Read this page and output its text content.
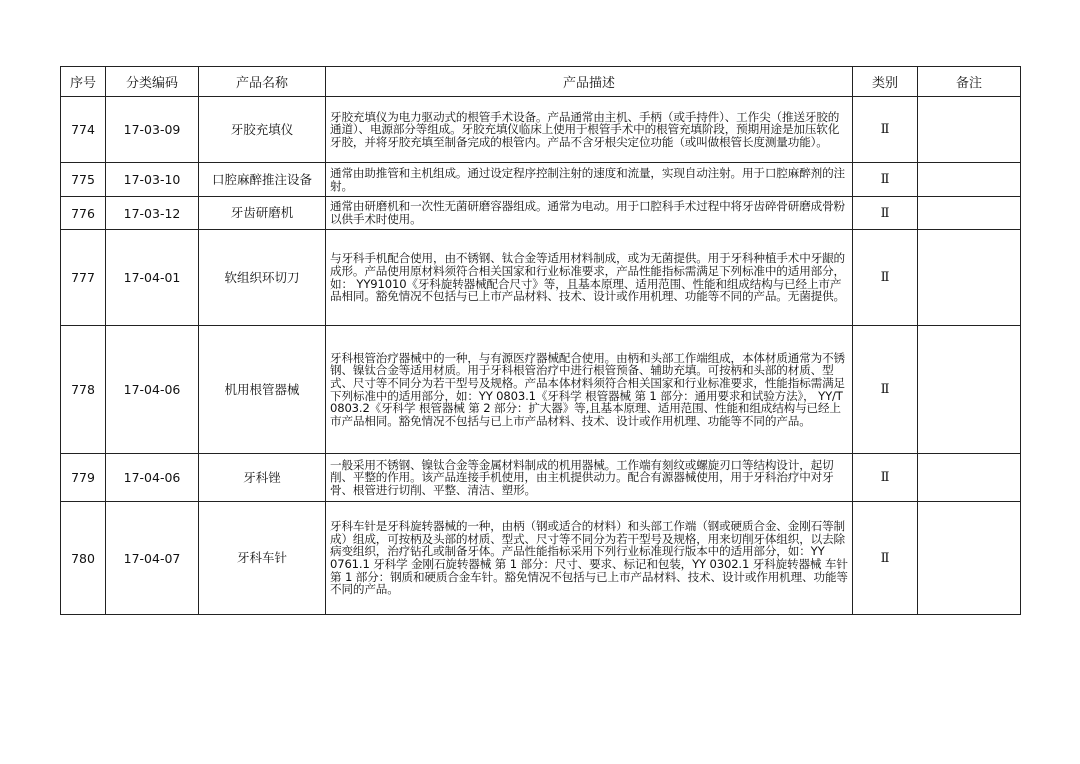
序号	分类编码	产品名称	产品描述	类别	备注
774	17-03-09	牙胶充填仪	牙胶充填仪为电力驱动式的根管手术设备。产品通常由主机、手柄（或手持件）、工作尖（推送牙胶的通道）、电源部分等组成。牙胶充填仪临床上使用于根管手术中的根管充填阶段，预期用途是加压软化牙胶，并将牙胶充填至制备完成的根管内。产品不含牙根尖定位功能（或叫做根管长度测量功能）。	Ⅱ	
775	17-03-10	口腔麻醉推注设备	通常由助推管和主机组成。通过设定程序控制注射的速度和流量，实现自动注射。用于口腔麻醉剂的注射。	Ⅱ	
776	17-03-12	牙齿研磨机	通常由研磨机和一次性无菌研磨容器组成。通常为电动。用于口腔科手术过程中将牙齿碎骨研磨成骨粉以供手术时使用。	Ⅱ	
777	17-04-01	软组织环切刀	与牙科手机配合使用，由不锈钢、钛合金等适用材料制成，或为无菌提供。用于牙科种植手术中牙龈的成形。产品使用原材料须符合相关国家和行业标准要求，产品性能指标需满足下列标准中的适用部分，如： YY91010《牙科旋转器械配合尺寸》等，且基本原理、适用范围、性能和组成结构与已经上市产品相同。豁免情况不包括与已上市产品材料、技术、设计或作用机理、功能等不同的产品。无菌提供。	Ⅱ	
778	17-04-06	机用根管器械	牙科根管治疗器械中的一种，与有源医疗器械配合使用。由柄和头部工作端组成，本体材质通常为不锈钢、镍钛合金等适用材质。用于牙科根管治疗中进行根管预备、辅助充填。可按柄和头部的材质、型式、尺寸等不同分为若干型号及规格。产品本体材料须符合相关国家和行业标准要求，性能指标需满足下列标准中的适用部分，如：YY 0803.1《牙科学 根管器械 第 1 部分：通用要求和试验方法》， YY/T 0803.2《牙科学 根管器械 第 2 部分：扩大器》等,且基本原理、适用范围、性能和组成结构与已经上市产品相同。豁免情况不包括与已上市产品材料、技术、设计或作用机理、功能等不同的产品。	Ⅱ	
779	17-04-06	牙科锉	一般采用不锈钢、镍钛合金等金属材料制成的机用器械。工作端有刻纹或螺旋刃口等结构设计，起切削、平整的作用。该产品连接手机使用，由主机提供动力。配合有源器械使用，用于牙科治疗中对牙骨、根管进行切削、平整、清洁、塑形。	Ⅱ	
780	17-04-07	牙科车针	牙科车针是牙科旋转器械的一种，由柄（钢或适合的材料）和头部工作端（钢或硬质合金、金刚石等制成）组成，可按柄及头部的材质、型式、尺寸等不同分为若干型号及规格，用来切削牙体组织，以去除病变组织，治疗钻孔或制备牙体。产品性能指标采用下列行业标准现行版本中的适用部分，如：YY 0761.1 牙科学 金刚石旋转器械 第 1 部分：尺寸、要求、标记和包装，YY 0302.1 牙科旋转器械 车针 第 1 部分：钢质和硬质合金车针。豁免情况不包括与已上市产品材料、技术、设计或作用机理、功能等不同的产品。	Ⅱ	
